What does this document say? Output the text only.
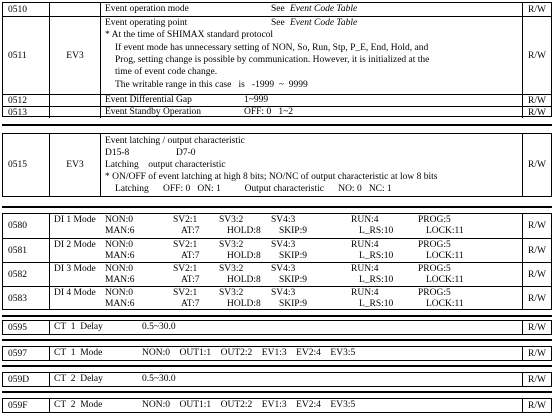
0510	Event operation mode	See Event Code Table	R/W
0511	EV3
Event operating point	See Event Code Table
* At the time of SHIMAX standard protocol
If event mode has unnecessary setting of NON, So, Run, Stp, P_E, End, Hold, and
Prog, setting change is possible by communication. However, it is initialized at the
time of event code change.
The writable range in this case   is   -1999  ~  9999
R/W
0512	Event Differential Gap	1~999	R/W
0513	Event Standby Operation	OFF: 0   1~2	R/W
0515	EV3
Event latching / output characteristic
D15-8	D7-0
Latching    output characteristic
* ON/OFF of event latching at high 8 bits; NO/NC of output characteristic at low 8 bits
Latching      OFF: 0   ON: 1          Output characteristic      NO: 0   NC: 1
R/W
0580
DI 1 Mode NON:0	SV2:1 SV3:2	SV4:3	RUN:4	PROG:5
MAN:6	AT:7	HOLD:8 SKIP:9	L_RS:10	LOCK:11	R/W
0581
DI 2 Mode NON:0	SV2:1 SV3:2	SV4:3	RUN:4	PROG:5
MAN:6	AT:7	HOLD:8 SKIP:9	L_RS:10	LOCK:11
R/W
0582
DI 3 Mode NON:0	SV2:1 SV3:2	SV4:3	RUN:4	PROG:5
MAN:6	AT:7	HOLD:8 SKIP:9	L_RS:10	LOCK:11
R/W
0583
DI 4 Mode NON:0	SV2:1 SV3:2	SV4:3	RUN:4	PROG:5
MAN:6	AT:7	HOLD:8 SKIP:9	L_RS:10	LOCK:11
R/W
0595	CT  1  Delay	0.5~30.0	R/W
0597	CT  1  Mode	NON:0    OUT1:1    OUT2:2    EV1:3    EV2:4    EV3:5	R/W
059D	CT  2  Delay	0.5~30.0	R/W
059F	CT  2  Mode	NON:0    OUT1:1    OUT2:2    EV1:3    EV2:4    EV3:5	R/W
